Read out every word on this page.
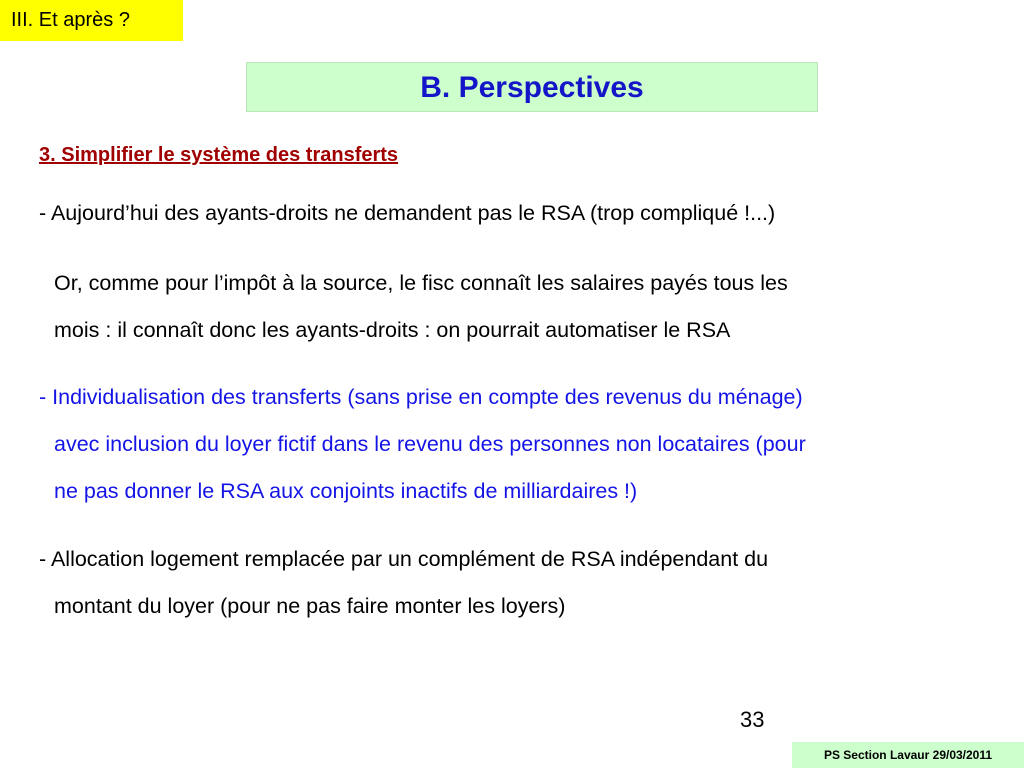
III. Et après ?
B. Perspectives
3. Simplifier le système des transferts
- Aujourd’hui des ayants-droits ne demandent pas le RSA (trop compliqué !...)
Or, comme pour l’impôt à la source, le fisc connaît les salaires payés tous les
mois : il connaît donc les ayants-droits : on pourrait automatiser le RSA
- Individualisation des transferts (sans prise en compte des revenus du ménage)
avec inclusion du loyer fictif dans le revenu des personnes non locataires (pour
ne pas donner le RSA aux conjoints inactifs de milliardaires !)
- Allocation logement remplacée par un complément de RSA indépendant du
montant du loyer (pour ne pas faire monter les loyers)
33
PS Section Lavaur 29/03/2011
